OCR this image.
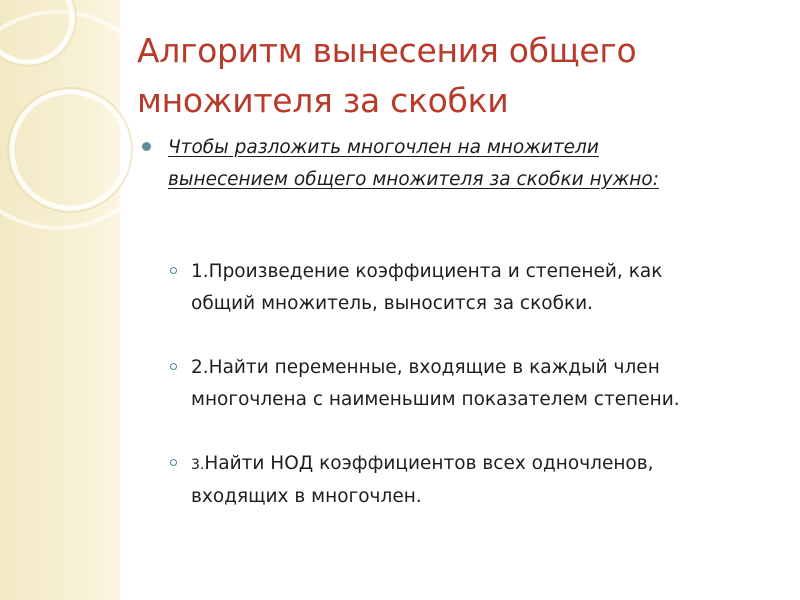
Алгоритм вынесения общего
множителя за скобки
Чтобы разложить многочлен на множители
вынесением общего множителя за скобки нужно:
1.Произведение коэффициента и степеней, как
общий множитель, выносится за скобки.
2.Найти переменные, входящие в каждый член
многочлена с наименьшим показателем степени.
3.Найти НОД коэффициентов всех одночленов,
входящих в многочлен.
